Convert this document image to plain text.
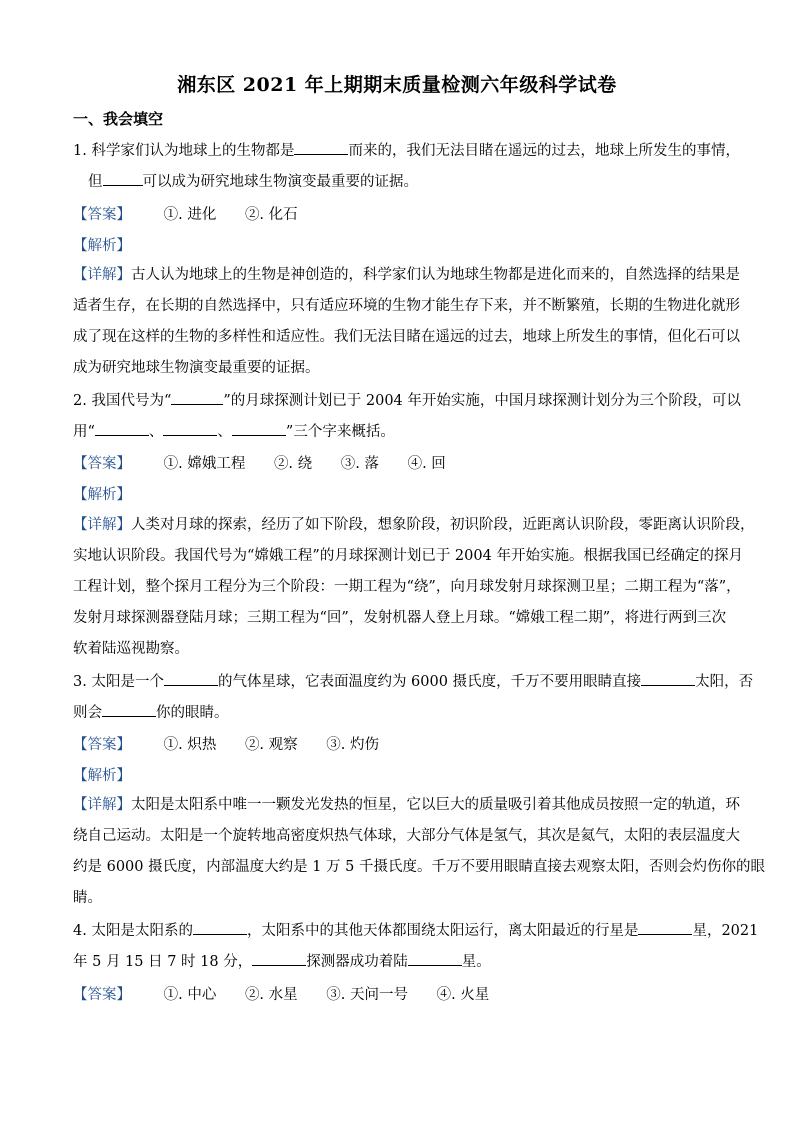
湘东区 2021 年上期期末质量检测六年级科学试卷
一、我会填空
1. 科学家们认为地球上的生物都是	而来的，我们无法目睹在遥远的过去，地球上所发生的事情，
但	可以成为研究地球生物演变最重要的证据。
【答案】 ①. 进化 ②. 化石
【解析】
【详解】古人认为地球上的生物是神创造的，科学家们认为地球生物都是进化而来的，自然选择的结果是
适者生存，在长期的自然选择中，只有适应环境的生物才能生存下来，并不断繁殖，长期的生物进化就形
成了现在这样的生物的多样性和适应性。我们无法目睹在遥远的过去，地球上所发生的事情，但化石可以
成为研究地球生物演变最重要的证据。
2. 我国代号为“	”的月球探测计划已于 2004 年开始实施，中国月球探测计划分为三个阶段，可以
用“	、	、	”三个字来概括。
【答案】 ①. 嫦娥工程 ②. 绕 ③. 落 ④. 回
【解析】
【详解】人类对月球的探索，经历了如下阶段，想象阶段，初识阶段，近距离认识阶段，零距离认识阶段，
实地认识阶段。我国代号为“嫦娥工程”的月球探测计划已于 2004 年开始实施。根据我国已经确定的探月
工程计划，整个探月工程分为三个阶段：一期工程为“绕”，向月球发射月球探测卫星；二期工程为“落”，
发射月球探测器登陆月球；三期工程为“回”，发射机器人登上月球。“嫦娥工程二期”，将进行两到三次
软着陆巡视勘察。
3. 太阳是一个	的气体星球，它表面温度约为 6000 摄氏度，千万不要用眼睛直接	太阳，否
则会	你的眼睛。
【答案】 ①. 炽热 ②. 观察 ③. 灼伤
【解析】
【详解】太阳是太阳系中唯一一颗发光发热的恒星，它以巨大的质量吸引着其他成员按照一定的轨道，环
绕自己运动。太阳是一个旋转地高密度炽热气体球，大部分气体是氢气，其次是氦气，太阳的表层温度大
约是 6000 摄氏度，内部温度大约是 1 万 5 千摄氏度。千万不要用眼睛直接去观察太阳，否则会灼伤你的眼
睛。
4. 太阳是太阳系的	，太阳系中的其他天体都围绕太阳运行，离太阳最近的行星是	星，2021
年 5 月 15 日 7 时 18 分，	探测器成功着陆	星。
【答案】 ①. 中心 ②. 水星 ③. 天问一号 ④. 火星
